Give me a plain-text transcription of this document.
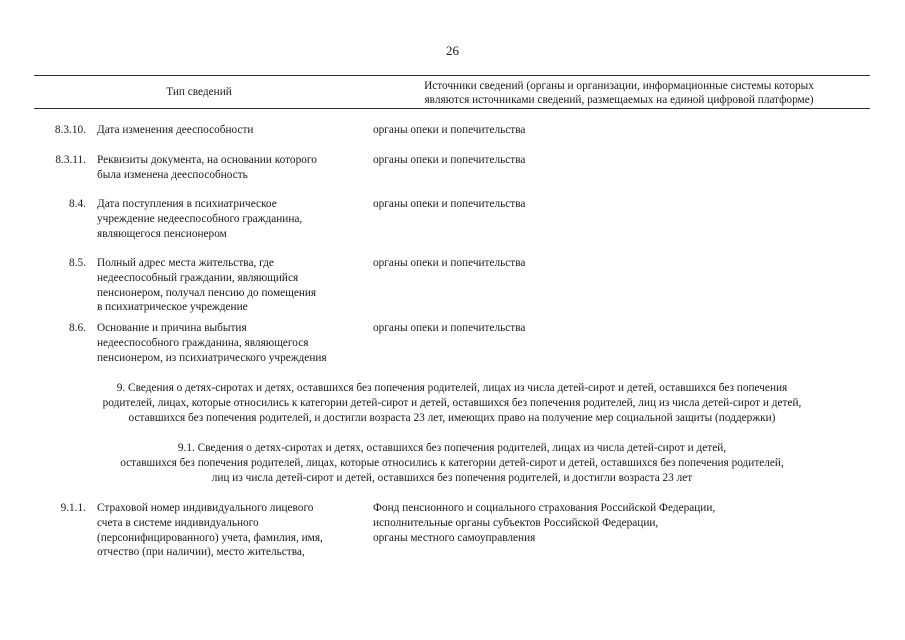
26
Тип сведений	Источники сведений (органы и организации, информационные системы которых
являются источниками сведений, размещаемых на единой цифровой платформе)
8.3.10. Дата изменения дееспособности	органы опеки и попечительства
8.3.11. Реквизиты документа, на основании которого
была изменена дееспособность
органы опеки и попечительства
8.4. Дата поступления в психиатрическое
учреждение недееспособного гражданина,
являющегося пенсионером
органы опеки и попечительства
8.5. Полный адрес места жительства, где
недееспособный граждании, являющийся
пенсионером, получал пенсию до помещения
в психиатрическое учреждение
органы опеки и попечительства
8.6. Основание и причина выбытия
недееспособного гражданина, являющегося
пенсионером, из психиатрического учреждения
органы опеки и попечительства
9. Сведения о детях-сиротах и детях, оставшихся без попечения родителей, лицах из числа детей-сирот и детей, оставшихся без попечения
родителей, лицах, которые относились к категории детей-сирот и детей, оставшихся без попечения родителей, лиц из числа детей-сирот и детей,
оставшихся без попечения родителей, и достигли возраста 23 лет, имеющих право на получение мер социальной защиты (поддержки)
9.1. Сведения о детях-сиротах и детях, оставшихся без попечения родителей, лицах из числа детей-сирот и детей,
оставшихся без попечения родителей, лицах, которые относились к категории детей-сирот и детей, оставшихся без попечения родителей,
лиц из числа детей-сирот и детей, оставшихся без попечения родителей, и достигли возраста 23 лет
9.1.1. Страховой номер индивидуального лицевого
счета в системе индивидуального
(персонифицированного) учета, фамилия, имя,
отчество (при наличии), место жительства,
Фонд пенсионного и социального страхования Российской Федерации,
исполнительные органы субъектов Российской Федерации,
органы местного самоуправления
